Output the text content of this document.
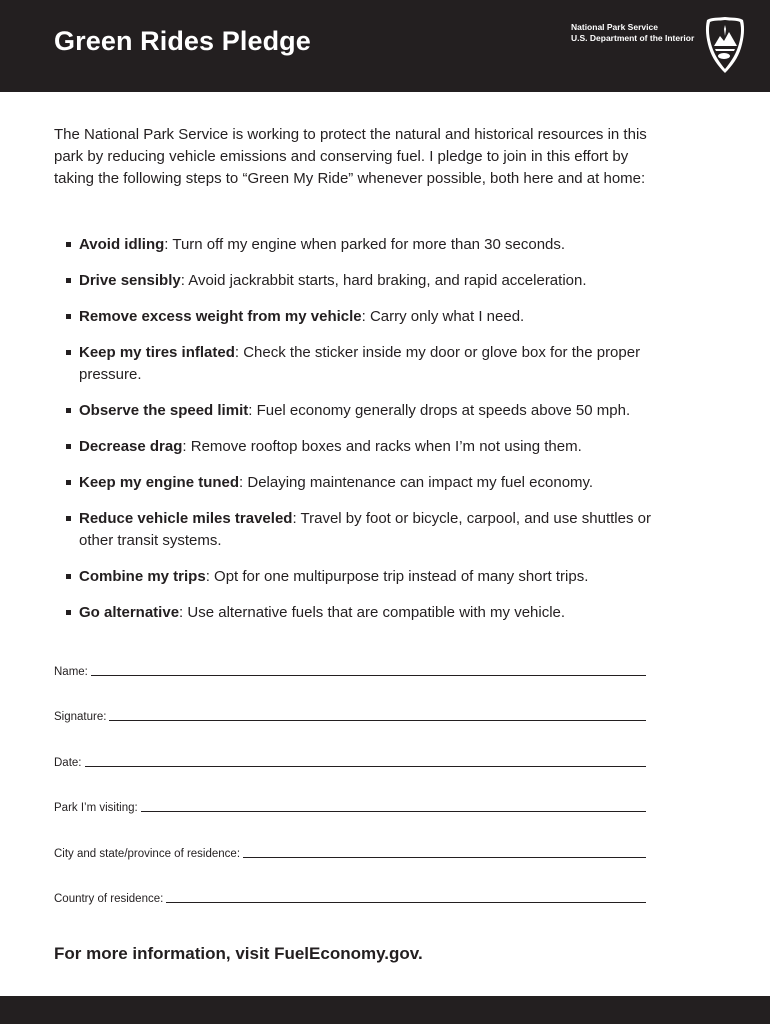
Green Rides Pledge	National Park Service
U.S. Department of the Interior
The National Park Service is working to protect the natural and historical resources in this park by reducing vehicle emissions and conserving fuel. I pledge to join in this effort by taking the following steps to “Green My Ride” whenever possible, both here and at home:
Avoid idling: Turn off my engine when parked for more than 30 seconds.
Drive sensibly: Avoid jackrabbit starts, hard braking, and rapid acceleration.
Remove excess weight from my vehicle: Carry only what I need.
Keep my tires inflated: Check the sticker inside my door or glove box for the proper pressure.
Observe the speed limit: Fuel economy generally drops at speeds above 50 mph.
Decrease drag: Remove rooftop boxes and racks when I’m not using them.
Keep my engine tuned: Delaying maintenance can impact my fuel economy.
Reduce vehicle miles traveled: Travel by foot or bicycle, carpool, and use shuttles or other transit systems.
Combine my trips: Opt for one multipurpose trip instead of many short trips.
Go alternative: Use alternative fuels that are compatible with my vehicle.
Name:
Signature:
Date:
Park I’m visiting:
City and state/province of residence:
Country of residence:
For more information, visit FuelEconomy.gov.
